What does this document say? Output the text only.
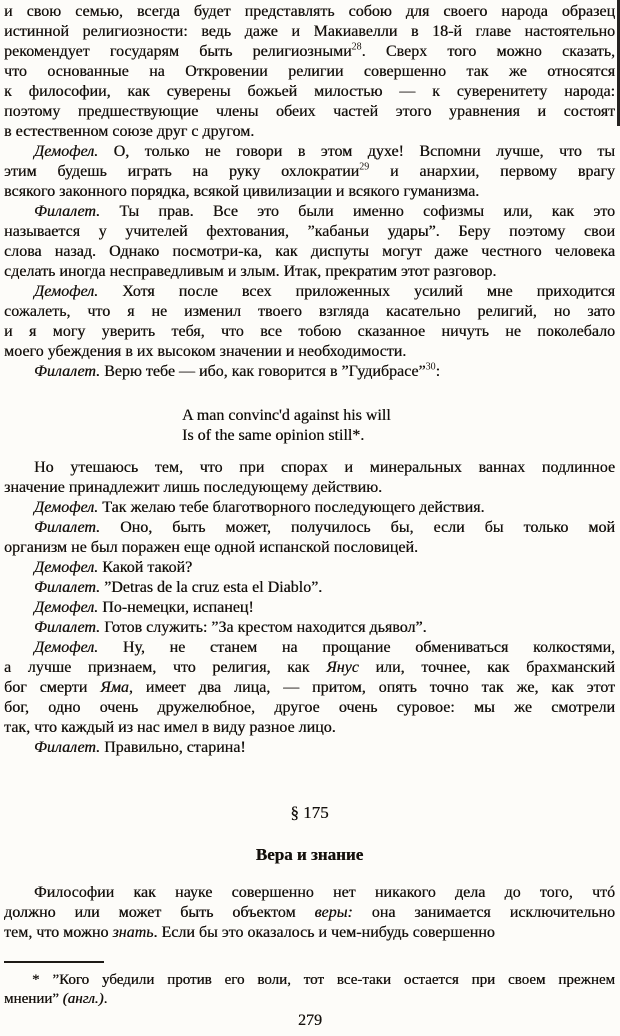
и свою семью, всегда будет представлять собою для своего народа образец
истинной религиозности: ведь даже и Макиавелли в 18-й главе настоятельно
рекомендует государям быть религиозными$^{28}$. Сверх того можно сказать,
что основанные на Откровении религии совершенно так же относятся
к философии, как суверены божьей милостью — к суверенитету народа:
поэтому предшествующие члены обеих частей этого уравнения и состоят
в естественном союзе друг с другом.
Демофел. О, только не говори в этом духе! Вспомни лучше, что ты
этим будешь играть на руку охлократии$^{29}$ и анархии, первому врагу
всякого законного порядка, всякой цивилизации и всякого гуманизма.
Филалет. Ты прав. Все это были именно софизмы или, как это
называется у учителей фехтования, ”кабаньи удары”. Беру поэтому свои
слова назад. Однако посмотри-ка, как диспуты могут даже честного человека
сделать иногда несправедливым и злым. Итак, прекратим этот разговор.
Демофел. Хотя после всех приложенных усилий мне приходится
сожалеть, что я не изменил твоего взгляда касательно религий, но зато
и я могу уверить тебя, что все тобою сказанное ничуть не поколебало
моего убеждения в их высоком значении и необходимости.
Филалет. Верю тебе — ибо, как говорится в ”Гудибрасе”$^{30}$:
A man convinc'd against his will
Is of the same opinion still*.
Но утешаюсь тем, что при спорах и минеральных ваннах подлинное
значение принадлежит лишь последующему действию.
Демофел. Так желаю тебе благотворного последующего действия.
Филалет. Оно, быть может, получилось бы, если бы только мой
организм не был поражен еще одной испанской пословицей.
Демофел. Какой такой?
Филалет. ”Detras de la cruz esta el Diablo”.
Демофел. По-немецки, испанец!
Филалет. Готов служить: ”За крестом находится дьявол”.
Демофел. Ну, не станем на прощание обмениваться колкостями,
а лучше признаем, что религия, как Янус или, точнее, как брахманский
бог смерти Яма, имеет два лица, — притом, опять точно так же, как этот
бог, одно очень дружелюбное, другое очень суровое: мы же смотрели
так, что каждый из нас имел в виду разное лицо.
Филалет. Правильно, старина!
§ 175
Вера и знание
Философии как науке совершенно нет никакого дела до того, чтó
должно или может быть объектом веры: она занимается исключительно
тем, что можно знать. Если бы это оказалось и чем-нибудь совершенно
* ”Кого убедили против его воли, тот все-таки остается при своем прежнем
мнении” (англ.).
279
